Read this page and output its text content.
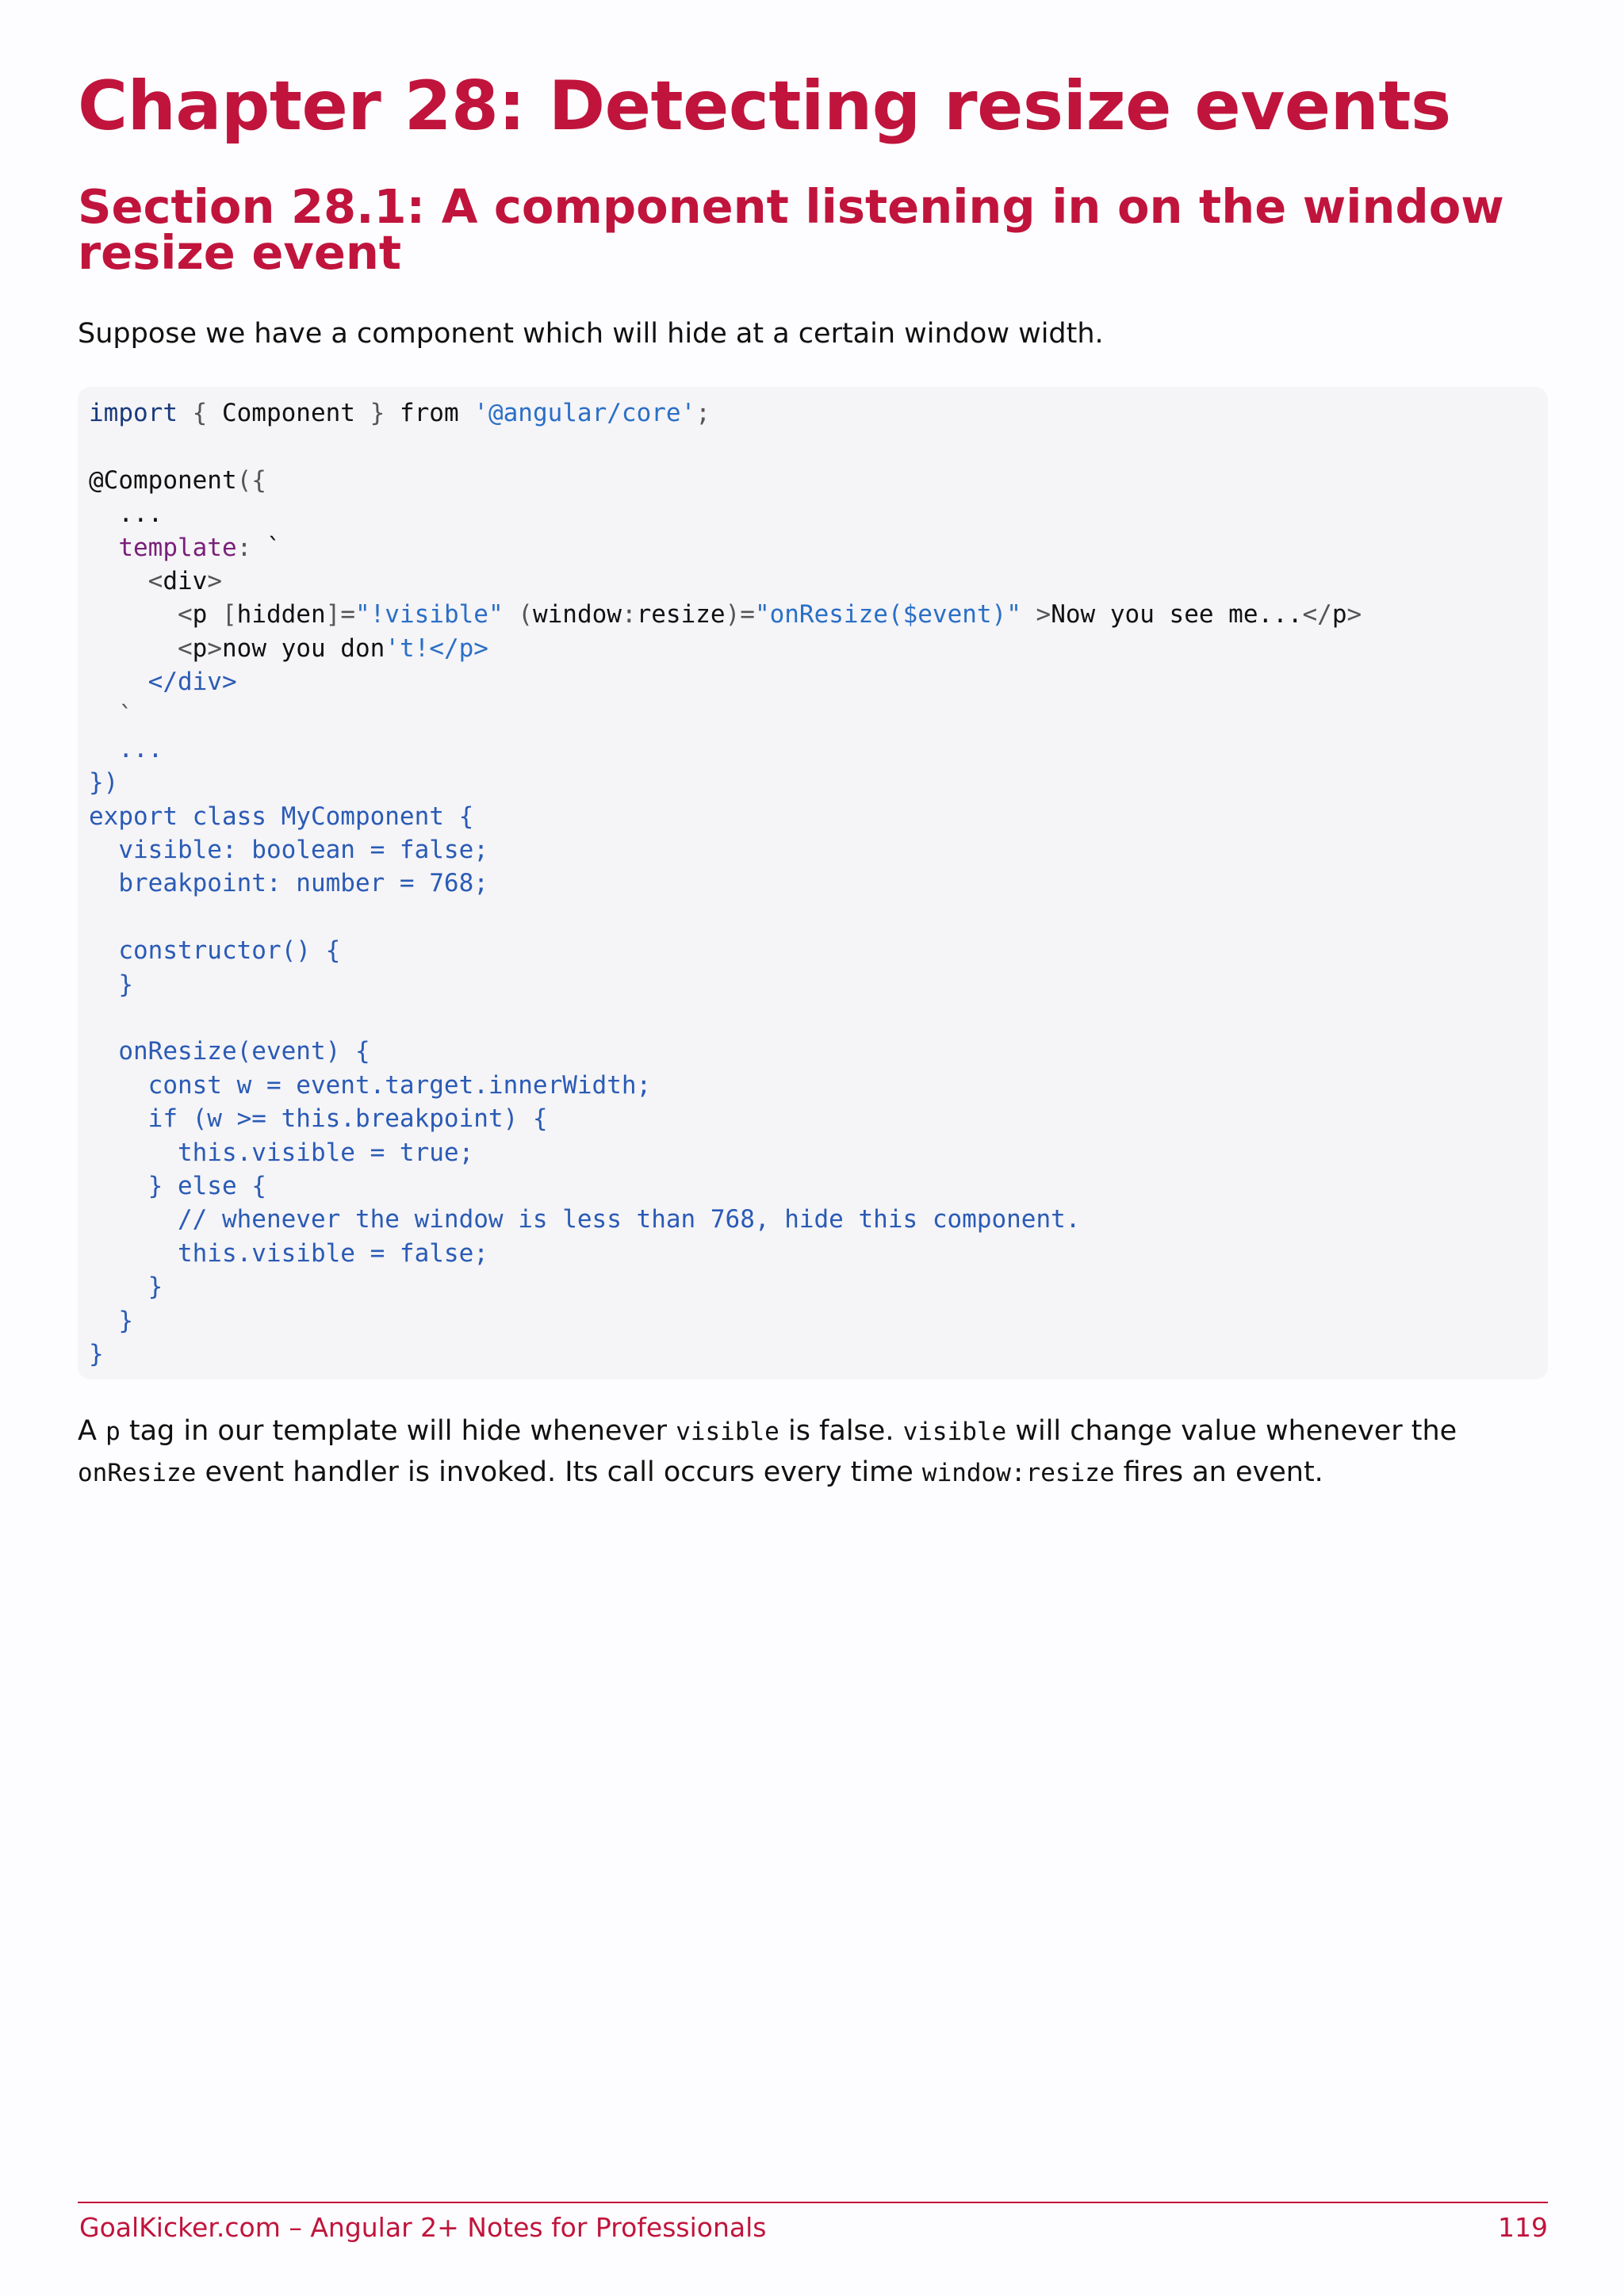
Chapter 28: Detecting resize events
Section 28.1: A component listening in on the window resize event

Suppose we have a component which will hide at a certain window width.

import { Component } from '@angular/core';
@Component({
...
template: `
<div>
<p [hidden]="!visible" (window:resize)="onResize($event)" >Now you see me...</p>
<p>now you don't!</p>
</div>
`
...
})
export class MyComponent {
visible: boolean = false;
breakpoint: number = 768;
constructor() {
}
onResize(event) {
const w = event.target.innerWidth;
if (w >= this.breakpoint) {
this.visible = true;
} else {
// whenever the window is less than 768, hide this component.
this.visible = false;
}
}
}

A p tag in our template will hide whenever visible is false. visible will change value whenever the onResize event handler is invoked. Its call occurs every time window:resize fires an event.

GoalKicker.com – Angular 2+ Notes for Professionals	119
